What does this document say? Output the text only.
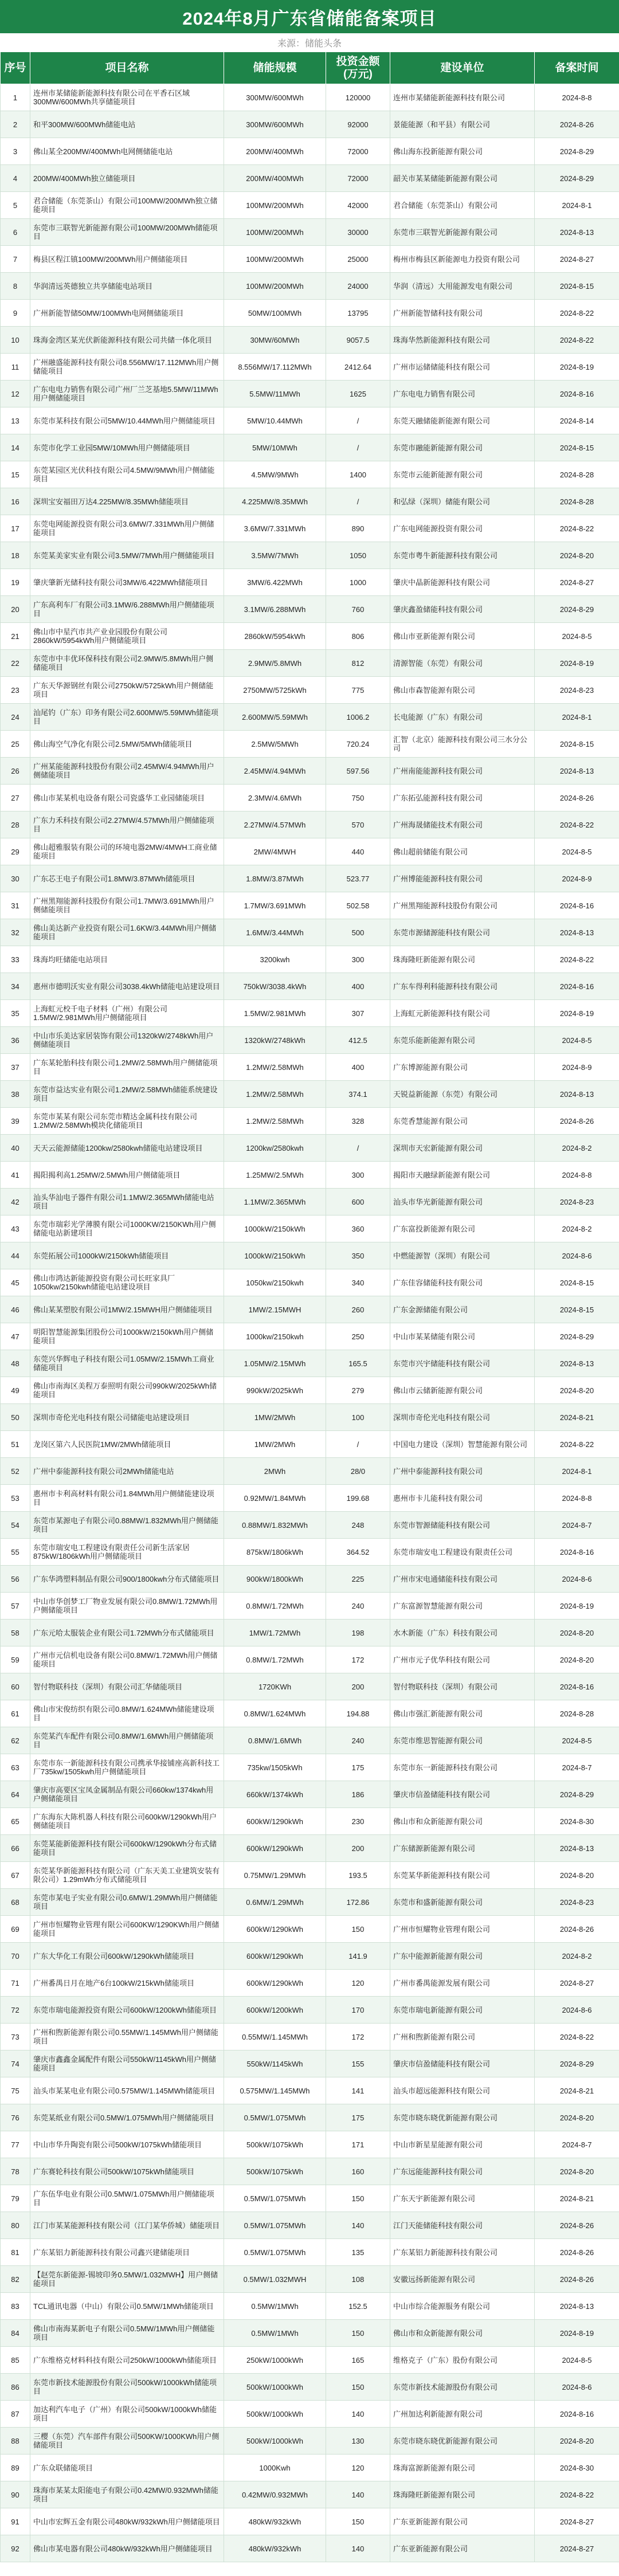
2024年8月广东省储能备案项目
来源：储能头条
序号	项目名称	储能规模	投资金额
(万元)	建设单位	备案时间
1	连州市某储能新能源科技有限公司在平香石区域300MW/600MWh共享储能项目	300MW/600MWh	120000	连州市某储能新能源科技有限公司	2024-8-8
2	和平300MW/600MWh储能电站	300MW/600MWh	92000	景能能源（和平县）有限公司	2024-8-26
3	佛山某全200MW/400MWh电网侧储能电站	200MW/400MWh	72000	佛山海东投新能源有限公司	2024-8-29
4	200MW/400MWh独立储能项目	200MW/400MWh	72000	韶关市某某储能新能源有限公司	2024-8-29
5	君合储能（东莞茶山）有限公司100MW/200MWh独立储能项目	100MW/200MWh	42000	君合储能（东莞茶山）有限公司	2024-8-1
6	东莞市三联智光新能源有限公司100MW/200MWh储能项目	100MW/200MWh	30000	东莞市三联智光新能源有限公司	2024-8-13
7	梅县区程江镇100MW/200MWh用户侧储能项目	100MW/200MWh	25000	梅州市梅县区新能源电力投资有限公司	2024-8-27
8	华润清远英德独立共享储能电站项目	100MW/200MWh	24000	华润（清远）大用能源发电有限公司	2024-8-15
9	广州新能智储50MW/100MWh电网侧储能项目	50MW/100MWh	13795	广州新能智储科技有限公司	2024-8-22
10	珠海金湾区某光伏新能源科技有限公司共储一体化项目	30MW/60MWh	9057.5	珠海华然新能源科技有限公司	2024-8-22
11	广州融盛能源科技有限公司8.556MW/17.112MWh用户侧储能项目	8.556MW/17.112MWh	2412.64	广州市运储储能科技有限公司	2024-8-19
12	广东电电力销售有限公司广州厂兰芝基地5.5MW/11MWh用户侧储能项目	5.5MW/11MWh	1625	广东电电力销售有限公司	2024-8-16
13	东莞市某科技有限公司5MW/10.44MWh用户侧储能项目	5MW/10.44MWh	/	东莞天融储能新能源有限公司	2024-8-14
14	东莞市化学工业园5MW/10MWh用户侧储能项目	5MW/10MWh	/	东莞市融能新能源有限公司	2024-8-15
15	东莞某园区光伏科技有限公司4.5MW/9MWh用户侧储能项目	4.5MW/9MWh	1400	东莞市云能新能源有限公司	2024-8-28
16	深圳宝安福田万达4.225MW/8.35MWh储能项目	4.225MW/8.35MWh	/	和弘绿（深圳）储能有限公司	2024-8-28
17	东莞电网能源投资有限公司3.6MW/7.331MWh用户侧储能项目	3.6MW/7.331MWh	890	广东电网能源投资有限公司	2024-8-22
18	东莞某美家实业有限公司3.5MW/7MWh用户侧储能项目	3.5MW/7MWh	1050	东莞市粤牛新能源科技有限公司	2024-8-20
19	肇庆肇新光储科技有限公司3MW/6.422MWh储能项目	3MW/6.422MWh	1000	肇庆中晶新能源科技有限公司	2024-8-27
20	广东高利车厂有限公司3.1MW/6.288MWh用户侧储能项目	3.1MW/6.288MWh	760	肇庆鑫盈储能科技有限公司	2024-8-29
21	佛山市中星汽市共产业业园股份有限公司2860kW/5954kWh用户侧储能项目	2860kW/5954kWh	806	佛山市亚新能源有限公司	2024-8-5
22	东莞市中丰优环保科技有限公司2.9MW/5.8MWh用户侧储能项目	2.9MW/5.8MWh	812	清源智能（东莞）有限公司	2024-8-19
23	广东天华源钢丝有限公司2750kW/5725kWh用户侧储能项目	2750MW/5725kWh	775	佛山市森智能源有限公司	2024-8-23
24	汕尾钓（广东）印务有限公司2.600MW/5.59MWh储能项目	2.600MW/5.59MWh	1006.2	长电能源（广东）有限公司	2024-8-1
25	佛山海空气净化有限公司2.5MW/5MWh储能项目	2.5MW/5MWh	720.24	汇智（北京）能源科技有限公司三水分公司	2024-8-15
26	广州某能能源科技股份有限公司2.45MW/4.94MWh用户侧储能项目	2.45MW/4.94MWh	597.56	广州南能能源科技有限公司	2024-8-13
27	佛山市某某机电设备有限公司瓷盛华工业园储能项目	2.3MW/4.6MWh	750	广东拓弘能源科技有限公司	2024-8-26
28	广东力禾科技有限公司2.27MW/4.57MWh用户侧储能项目	2.27MW/4.57MWh	570	广州海晟储能技术有限公司	2024-8-22
29	佛山超雅服装有限公司的环境电器2MW/4MWH工商业储能项目	2MW/4MWH	440	佛山超前储能有限公司	2024-8-5
30	广东芯王电子有限公司1.8MW/3.87MWh储能项目	1.8MW/3.87MWh	523.77	广州博能能源科技有限公司	2024-8-9
31	广州黑翔能源科技股份有限公司1.7MW/3.691MWh用户侧储能项目	1.7MW/3.691MWh	502.58	广州黑翔能源科技股份有限公司	2024-8-16
32	佛山美达新产业投资有限公司1.6KW/3.44MWh用户侧储能项目	1.6MW/3.44MWh	500	东莞市源储源能科技有限公司	2024-8-13
33	珠海均旺储能电站项目	3200kwh	300	珠海隆旺新能源有限公司	2024-8-22
34	惠州市德明沃实业有限公司3038.4kWh储能电站建设项目	750kW/3038.4kWh	400	广东车得利科能源科技有限公司	2024-8-16
35	上海虹元校千电子材料（广州）有限公司1.5MW/2.981MWh用户侧储能项目	1.5MW/2.981MWh	307	上海虹元新能源科技有限公司	2024-8-19
36	中山市乐美达家居装饰有限公司1320kW/2748kWh用户侧储能项目	1320kW/2748kWh	412.5	东莞乐能新能源有限公司	2024-8-5
37	广东某轮胎科技有限公司1.2MW/2.58MWh用户侧储能项目	1.2MW/2.58MWh	400	广东博源能源有限公司	2024-8-9
38	东莞市益达实业有限公司1.2MW/2.58MWh储能系统建设项目	1.2MW/2.58MWh	374.1	天锐益新能源（东莞）有限公司	2024-8-13
39	东莞市某某有限公司东莞市精达金属科技有限公司1.2MW/2.58MWh模块化储能项目	1.2MW/2.58MWh	328	东莞香慧能源有限公司	2024-8-26
40	天天云能源储能1200kw/2580kwh储能电站建设项目	1200kw/2580kwh	/	深圳市天宏新能源有限公司	2024-8-2
41	揭阳揭利高1.25MW/2.5MWh用户侧储能项目	1.25MW/2.5MWh	300	揭阳市天融绿新能源有限公司	2024-8-8
42	汕头华汕电子器件有限公司1.1MW/2.365MWh储能电站项目	1.1MW/2.365MWh	600	汕头市华光新能源有限公司	2024-8-23
43	东莞市瑞彩光学薄膜有限公司1000KW/2150KWh用户侧储能电站新建项目	1000kW/2150kWh	360	广东富投新能源有限公司	2024-8-2
44	东莞拓展公司1000kW/2150kWh储能项目	1000kW/2150kWh	350	中燃能源智（深圳）有限公司	2024-8-6
45	佛山市鸿达新能源投资有限公司长旺家具厂1050kw/2150kwh储能电站建设项目	1050kw/2150kwh	340	广东佳容储能科技有限公司	2024-8-15
46	佛山某某塑胶有限公司1MW/2.15MWH用户侧储能项目	1MW/2.15MWH	260	广东金源储能有限公司	2024-8-15
47	明阳智慧能源集团股份公司1000kW/2150kWh用户侧储能项目	1000kw/2150kwh	250	中山市某某储能有限公司	2024-8-29
48	东莞兴华辉电子科技有限公司1.05MW/2.15MWh工商业储能项目	1.05MW/2.15MWh	165.5	东莞市兴宇储能科技有限公司	2024-8-13
49	佛山市南海区美程万泰照明有限公司990kW/2025kWh储能项目	990kW/2025kWh	279	佛山市云储新能源有限公司	2024-8-20
50	深圳市奇伦光电科技有限公司储能电站建设项目	1MW/2MWh	100	深圳市奇伦光电科技有限公司	2024-8-21
51	龙岗区第六人民医院1MW/2MWh储能项目	1MW/2MWh	/	中国电力建设（深圳）智慧能源有限公司	2024-8-22
52	广州中泰能源科技有限公司2MWh储能电站	2MWh	28/0	广州中泰能源科技有限公司	2024-8-1
53	惠州市卡利高材料有限公司1.84MWh用户侧储能建设项目	0.92MW/1.84MWh	199.68	惠州市卡儿能科技有限公司	2024-8-8
54	东莞市某源电子有限公司0.88MW/1.832MWh用户侧储能项目	0.88MW/1.832MWh	248	东莞市智源储能科技有限公司	2024-8-7
55	东莞市瑞安电工程建设有限责任公司新生活家居875kW/1806kWh用户侧储能项目	875kW/1806kWh	364.52	东莞市瑞安电工程建设有限责任公司	2024-8-16
56	广东华鸿塑料制品有限公司900/1800kwh分布式储能项目	900kW/1800kWh	225	广州市宋电通储能科技有限公司	2024-8-6
57	中山市华创梦工厂物业发展有限公司0.8MW/1.72MWh用户侧储能项目	0.8MW/1.72MWh	240	广东富源智慧能源有限公司	2024-8-19
58	广东元哈太服装企业有限公司1.72MWh分布式储能项目	1MW/1.72MWh	198	水木新能（广东）科技有限公司	2024-8-20
59	广州市元信机电设备有限公司0.8MW/1.72MWh用户侧储能项目	0.8MW/1.72MWh	172	广州市元子优华科技有限公司	2024-8-20
60	智付物联科技（深圳）有限公司汇华储能项目	1720KWh	200	智付物联科技（深圳）有限公司	2024-8-16
61	佛山市宋俊纺织有限公司0.8MW/1.624MWh储能建设项目	0.8MW/1.624MWh	194.88	佛山市强汇新能源有限公司	2024-8-28
62	东莞某汽车配件有限公司0.8MW/1.6MWh用户侧储能项目	0.8MW/1.6MWh	240	东莞市维思智能源有限公司	2024-8-5
63	东莞市东一新能源科技有限公司携承华接铺座高新科技工厂735kw/1505kwh用户侧储能项目	735kw/1505kWh	175	东莞市东一新能源科技有限公司	2024-8-7
64	肇庆市高要区宝凤金属制品有限公司660kw/1374kwh用户侧储能项目	660kW/1374kWh	186	肇庆市信盈储能科技有限公司	2024-8-29
65	广东海东大陈机器人科技有限公司600kW/1290kWh用户侧储能项目	600kW/1290kWh	230	佛山市和众新能源有限公司	2024-8-30
66	东莞某能新能源科技有限公司600kW/1290kWh分布式储能项目	600kW/1290kWh	200	广东储源新能源有限公司	2024-8-13
67	东莞某华新能源科技有限公司（广东天美工业建筑安装有限公司）1.29mWh分布式储能项目	0.75MW/1.29MWh	193.5	东莞某华新能源科技有限公司	2024-8-20
68	东莞市某电子实业有限公司0.6MW/1.29MWh用户侧储能项目	0.6MW/1.29MWh	172.86	东莞市和盛新能源有限公司	2024-8-23
69	广州市恒耀物业管理有限公司600KW/1290KWh用户侧储能项目	600kW/1290kWh	150	广州市恒耀物业管理有限公司	2024-8-26
70	广东大华化工有限公司600kW/1290kWh储能项目	600kW/1290kWh	141.9	广东中能源新能源有限公司	2024-8-2
71	广州番禺日月在地产6台100kW/215kWh储能项目	600kW/1290kWh	120	广州市番禺能源发展有限公司	2024-8-27
72	东莞市瑞电能源投资有限公司600kW/1200kWh储能项目	600kW/1200kWh	170	东莞市瑞电新能源有限公司	2024-8-6
73	广州和煦新能源有限公司0.55MW/1.145MWh用户侧储能项目	0.55MW/1.145MWh	172	广州和煦新能源有限公司	2024-8-22
74	肇庆市鑫鑫金属配件有限公司550kW/1145kWh用户侧储能项目	550kW/1145kWh	155	肇庆市信盈储能科技有限公司	2024-8-29
75	汕头市某某电业有限公司0.575MW/1.145MWh储能项目	0.575MW/1.145MWh	141	汕头市超远能源科技有限公司	2024-8-21
76	东莞某纸业有限公司0.5MW/1.075MWh用户侧储能项目	0.5MW/1.075MWh	175	东莞市晓东晓优新能源有限公司	2024-8-20
77	中山市华升陶瓷有限公司500kW/1075kWh储能项目	500kW/1075kWh	171	中山市新星星能源有限公司	2024-8-7
78	广东赛轮科技有限公司500kW/1075kWh储能项目	500kW/1075kWh	160	广东远能能源科技有限公司	2024-8-20
79	广东伍华电业有限公司0.5MW/1.075MWh用户侧储能项目	0.5MW/1.075MWh	150	广东天宇新能源有限公司	2024-8-21
80	江门市某某能源科技有限公司（江门某华侨城）储能项目	0.5MW/1.075MWh	140	江门天能储能科技有限公司	2024-8-26
81	广东某铝力新能源科技有限公司鑫兴建储能项目	0.5MW/1.075MWh	135	广东某铝力新能源科技有限公司	2024-8-26
82	【赵莞东新能源-锡坡印务0.5MW/1.032MWH】用户侧储能项目	0.5MW/1.032MWH	108	安徽远扬新能源有限公司	2024-8-26
83	TCL通讯电器（中山）有限公司0.5MW/1MWh储能项目	0.5MW/1MWh	152.5	中山市综合能源服务有限公司	2024-8-13
84	佛山市南海某新电子有限公司0.5MW/1MWh用户侧储能项目	0.5MW/1MWh	150	佛山市和众新能源有限公司	2024-8-19
85	广东维格克材料科技有限公司250kW/1000kWh储能项目	250kW/1000kWh	165	维格克子（广东）股份有限公司	2024-8-5
86	东莞市新技术能源股份有限公司500kW/1000kWh储能项目	500kW/1000kWh	150	东莞市新技术能源股份有限公司	2024-8-6
87	加达利汽车电子（广州）有限公司500kW/1000kWh储能项目	500kW/1000kWh	140	广州加达利新能源有限公司	2024-8-16
88	三樱（东莞）汽车部件有限公司500KW/1000KWh用户侧储能项目	500kW/1000kWh	130	东莞市晓东晓优新能源有限公司	2024-8-20
89	广东众联储能项目	1000Kwh	120	珠海富源新能源有限公司	2024-8-30
90	珠海市某某太阳能电子有限公司0.42MW/0.932MWh储能项目	0.42MW/0.932MWh	140	珠海隆旺新能源有限公司	2024-8-22
91	中山市宏辉五金有限公司480kW/932kWh用户侧储能项目	480kW/932kWh	150	广东亚新能源有限公司	2024-8-27
92	佛山市某电器有限公司480kW/932kWh用户侧储能项目	480kW/932kWh	140	广东亚新能源有限公司	2024-8-27
